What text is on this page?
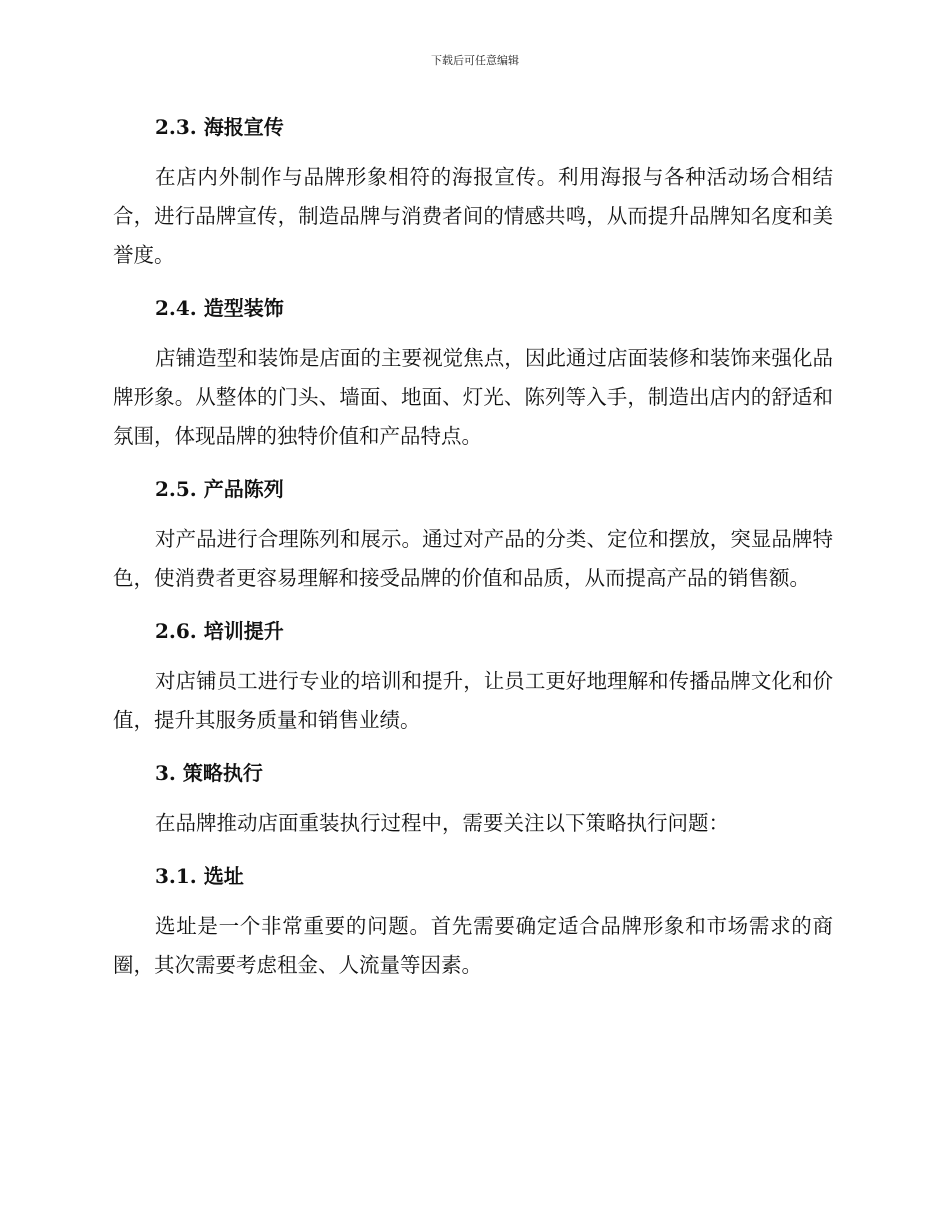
下载后可任意编辑
2.3. 海报宣传

在店内外制作与品牌形象相符的海报宣传。利用海报与各种活动场合相结合，进行品牌宣传，制造品牌与消费者间的情感共鸣，从而提升品牌知名度和美誉度。

2.4. 造型装饰

店铺造型和装饰是店面的主要视觉焦点，因此通过店面装修和装饰来强化品牌形象。从整体的门头、墙面、地面、灯光、陈列等入手，制造出店内的舒适和氛围，体现品牌的独特价值和产品特点。

2.5. 产品陈列

对产品进行合理陈列和展示。通过对产品的分类、定位和摆放，突显品牌特色，使消费者更容易理解和接受品牌的价值和品质，从而提高产品的销售额。

2.6. 培训提升

对店铺员工进行专业的培训和提升，让员工更好地理解和传播品牌文化和价值，提升其服务质量和销售业绩。

3. 策略执行

在品牌推动店面重装执行过程中，需要关注以下策略执行问题：

3.1. 选址

选址是一个非常重要的问题。首先需要确定适合品牌形象和市场需求的商圈，其次需要考虑租金、人流量等因素。
